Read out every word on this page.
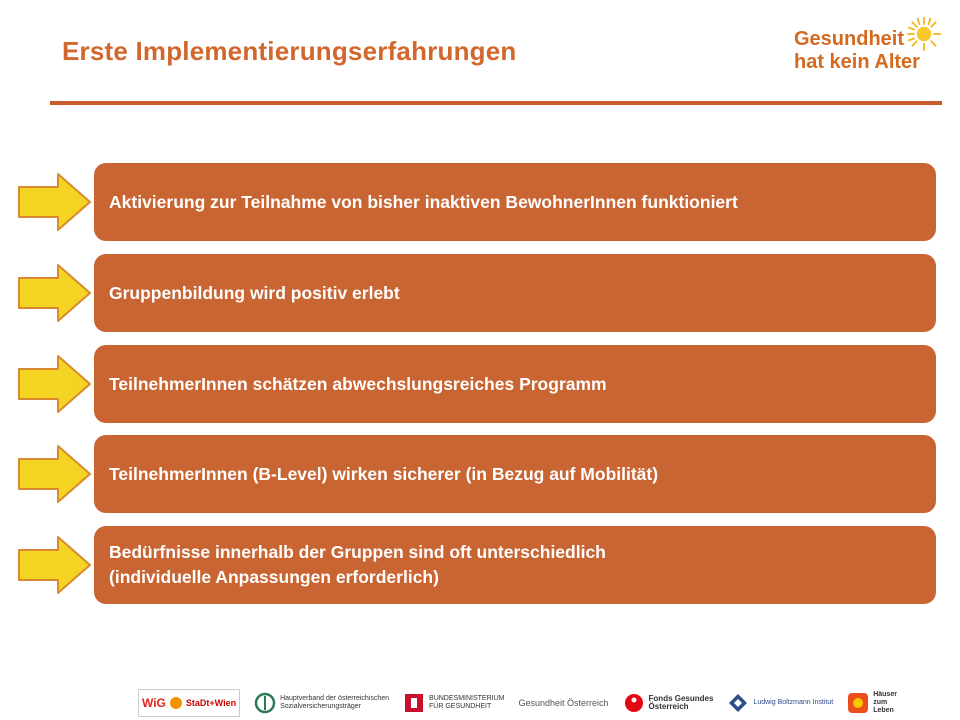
Erste Implementierungserfahrungen	Gesundheit
hat kein Alter
Aktivierung zur Teilnahme von bisher inaktiven BewohnerInnen funktioniert
Gruppenbildung wird positiv erlebt
TeilnehmerInnen schätzen abwechslungsreiches Programm
TeilnehmerInnen (B-Level) wirken sicherer (in Bezug auf Mobilität)
Bedürfnisse innerhalb der Gruppen sind oft unterschiedlich
(individuelle Anpassungen erforderlich)
WiG StaDt+Wien	Hauptverband der österreichischen
Sozialversicherungsträger
BUNDESMINISTERIUM
FÜR GESUNDHEIT	Gesundheit Österreich	Fonds Gesundes
Österreich	Ludwig Boltzmann Institut
Häuser
zum
Leben
